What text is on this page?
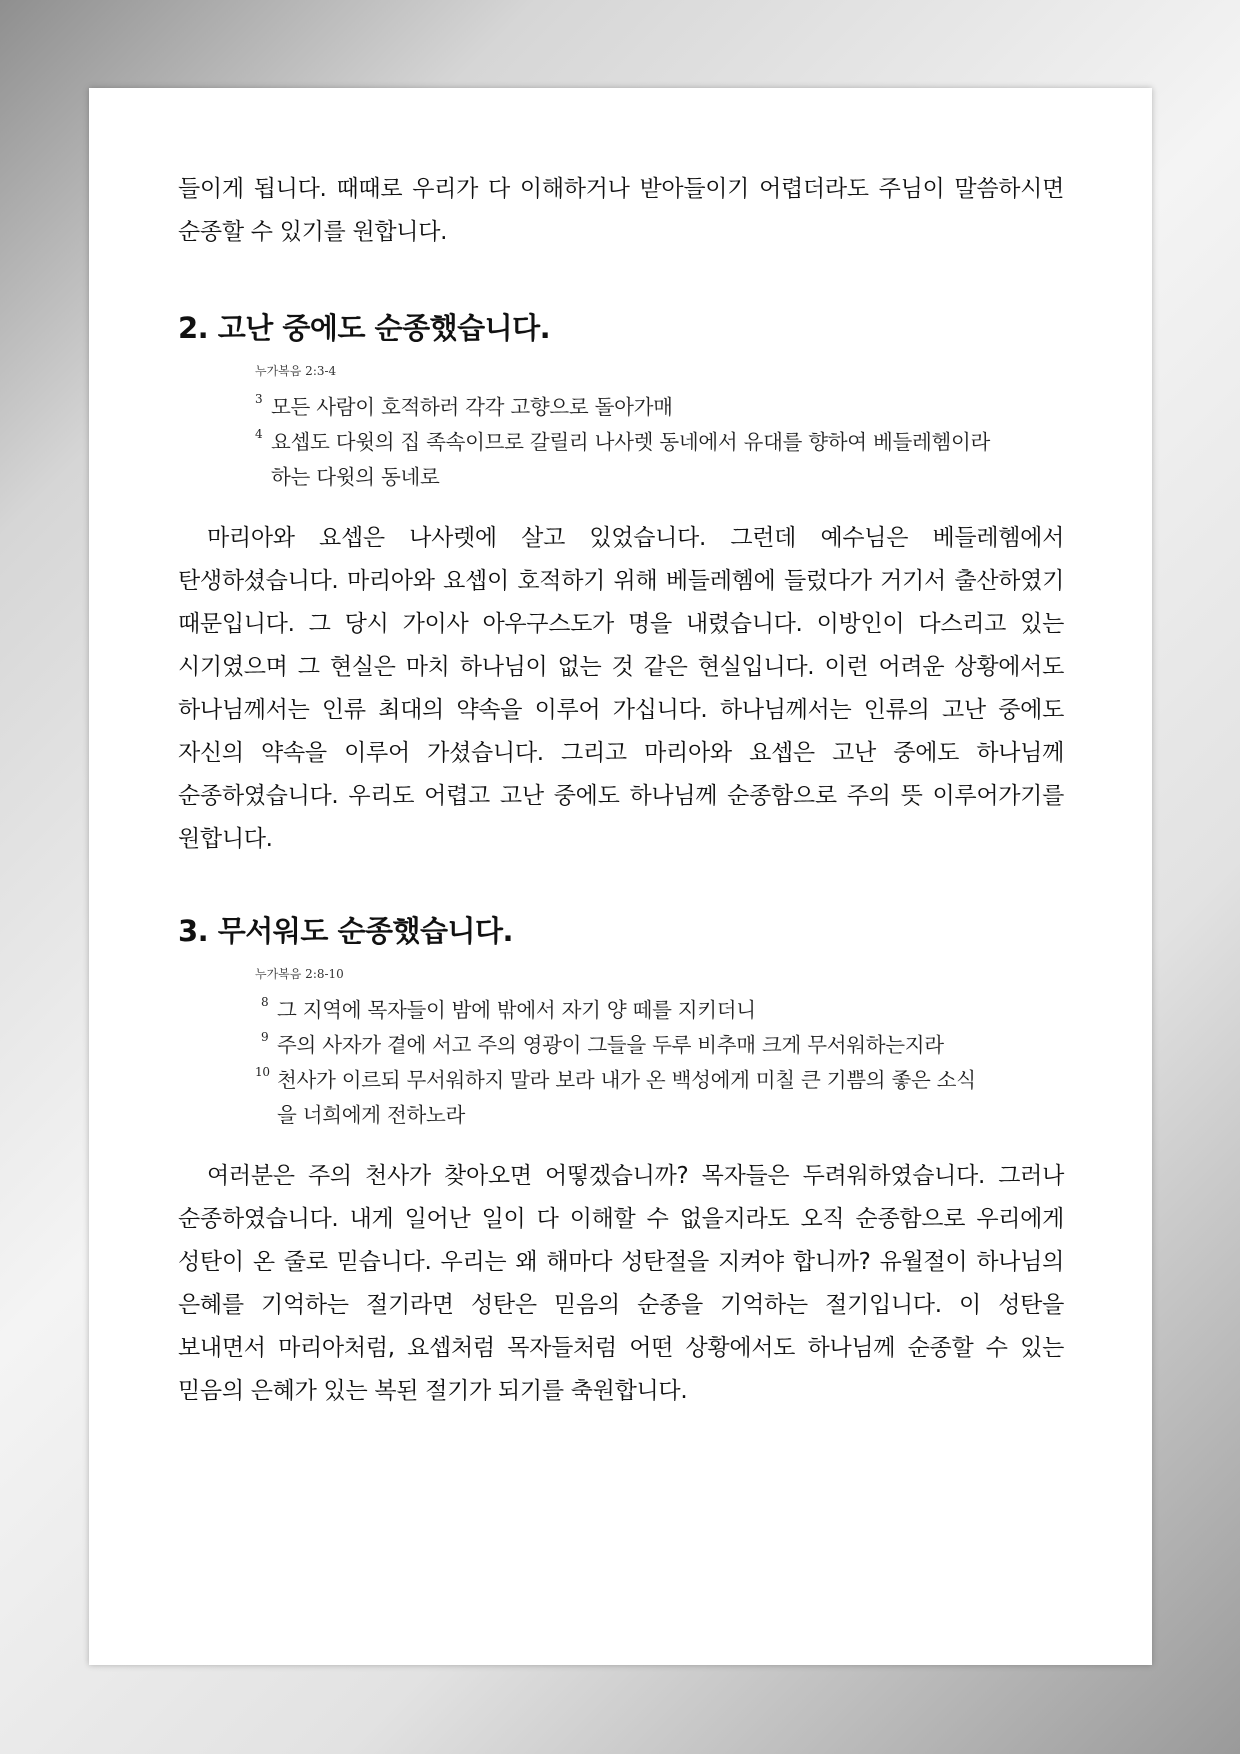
들이게 됩니다. 때때로 우리가 다 이해하거나 받아들이기 어렵더라도 주님이 말씀하시면 순종할 수 있기를 원합니다.

2. 고난 중에도 순종했습니다.
누가복음 2:3-4
3 모든 사람이 호적하러 각각 고향으로 돌아가매
4 요셉도 다윗의 집 족속이므로 갈릴리 나사렛 동네에서 유대를 향하여 베들레헴이라 하는 다윗의 동네로

마리아와 요셉은 나사렛에 살고 있었습니다. 그런데 예수님은 베들레헴에서 탄생하셨습니다. 마리아와 요셉이 호적하기 위해 베들레헴에 들렀다가 거기서 출산하였기 때문입니다. 그 당시 가이사 아우구스도가 명을 내렸습니다. 이방인이 다스리고 있는 시기였으며 그 현실은 마치 하나님이 없는 것 같은 현실입니다. 이런 어려운 상황에서도 하나님께서는 인류 최대의 약속을 이루어 가십니다. 하나님께서는 인류의 고난 중에도 자신의 약속을 이루어 가셨습니다. 그리고 마리아와 요셉은 고난 중에도 하나님께 순종하였습니다. 우리도 어렵고 고난 중에도 하나님께 순종함으로 주의 뜻 이루어가기를 원합니다.

3. 무서워도 순종했습니다.
누가복음 2:8-10
8 그 지역에 목자들이 밤에 밖에서 자기 양 떼를 지키더니
9 주의 사자가 곁에 서고 주의 영광이 그들을 두루 비추매 크게 무서워하는지라
10 천사가 이르되 무서워하지 말라 보라 내가 온 백성에게 미칠 큰 기쁨의 좋은 소식을 너희에게 전하노라

여러분은 주의 천사가 찾아오면 어떻겠습니까? 목자들은 두려워하였습니다. 그러나 순종하였습니다. 내게 일어난 일이 다 이해할 수 없을지라도 오직 순종함으로 우리에게 성탄이 온 줄로 믿습니다. 우리는 왜 해마다 성탄절을 지켜야 합니까? 유월절이 하나님의 은혜를 기억하는 절기라면 성탄은 믿음의 순종을 기억하는 절기입니다. 이 성탄을 보내면서 마리아처럼, 요셉처럼 목자들처럼 어떤 상황에서도 하나님께 순종할 수 있는 믿음의 은혜가 있는 복된 절기가 되기를 축원합니다.
